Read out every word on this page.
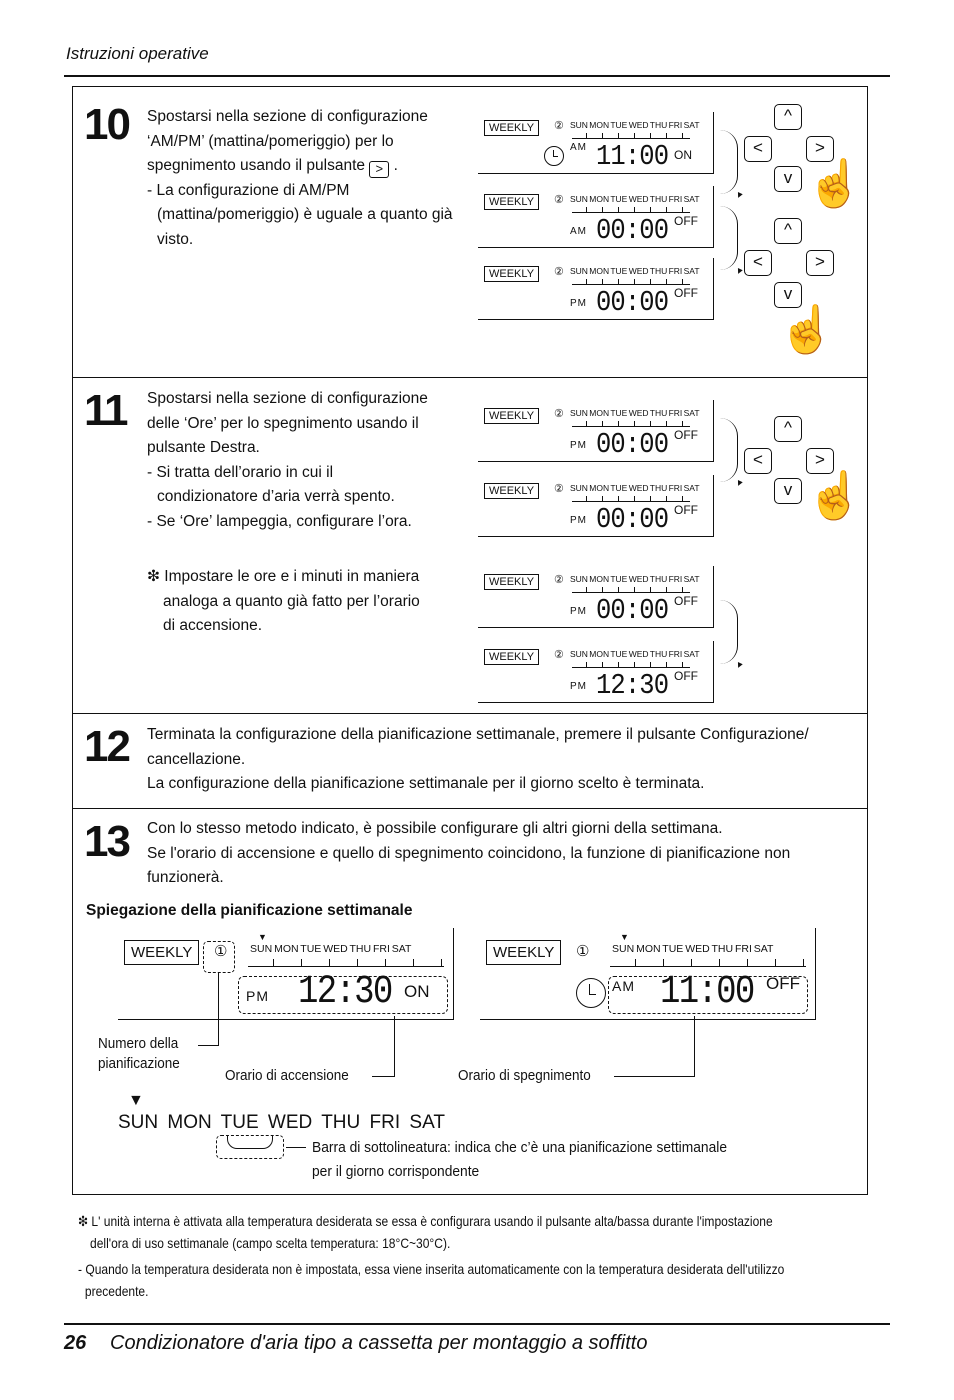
Istruzioni operative
10 Spostarsi nella sezione di configurazione

‘AM/PM’ (mattina/pomeriggio) per lo

spegnimento usando il pulsante > .

- La configurazione di AM/PM

(mattina/pomeriggio) è uguale a quanto già

visto.

WEEKLY	② SUN MON TUE WED THU FRI SAT
AM 11:00 ON
WEEKLY	② SUN MON TUE WED THU FRI SAT
AM 00:00 OFF
WEEKLY	② SUN MON TUE WED THU FRI SAT
PM 00:00 OFF
▼
▼
^
<	>
v ☝
^
<	>
v
☝
11 Spostarsi nella sezione di configurazione

delle ‘Ore’ per lo spegnimento usando il

pulsante Destra.

- Si tratta dell’orario in cui il

condizionatore d’aria verrà spento.

- Se ‘Ore’ lampeggia, configurare l’ora.

❇ Impostare le ore e i minuti in maniera

analoga a quanto già fatto per l’orario

di accensione.

WEEKLY	② SUN MON TUE WED THU FRI SAT
PM 00:00 OFF
WEEKLY	② SUN MON TUE WED THU FRI SAT
PM 00:00 OFF
WEEKLY	② SUN MON TUE WED THU FRI SAT
PM 00:00 OFF
WEEKLY	② SUN MON TUE WED THU FRI SAT
PM 12:30 OFF
▼
▼
^
<	>
v ☝
12 Terminata la configurazione della pianificazione settimanale, premere il pulsante Configurazione/

cancellazione.

La configurazione della pianificazione settimanale per il giorno scelto è terminata.

13 Con lo stesso metodo indicato, è possibile configurare gli altri giorni della settimana.

Se l'orario di accensione e quello di spegnimento coincidono, la funzione di pianificazione non

funzionerà.

Spiegazione della pianificazione settimanale
WEEKLY	①
▼
SUN MON TUE WED THU FRI SAT
PM 12:30 ON
WEEKLY	①
▼
SUN MON TUE WED THU FRI SAT
AM 11:00 OFF

Numero della

pianificazione

Orario di accensione	Orario di spegnimento
▼
SUN MON TUE WED THU FRI SAT

Barra di sottolineatura: indica che c’è una pianificazione settimanale

per il giorno corrispondente

❇ L' unità interna è attivata alla temperatura desiderata se essa è configurara usando il pulsante alta/bassa durante l'impostazione

dell'ora di uso settimanale (campo scelta temperatura: 18°C~30°C).

- Quando la temperatura desiderata non è impostata, essa viene inserita automaticamente con la temperatura desiderata dell'utilizzo

precedente.

26 Condizionatore d'aria tipo a cassetta per montaggio a soffitto
